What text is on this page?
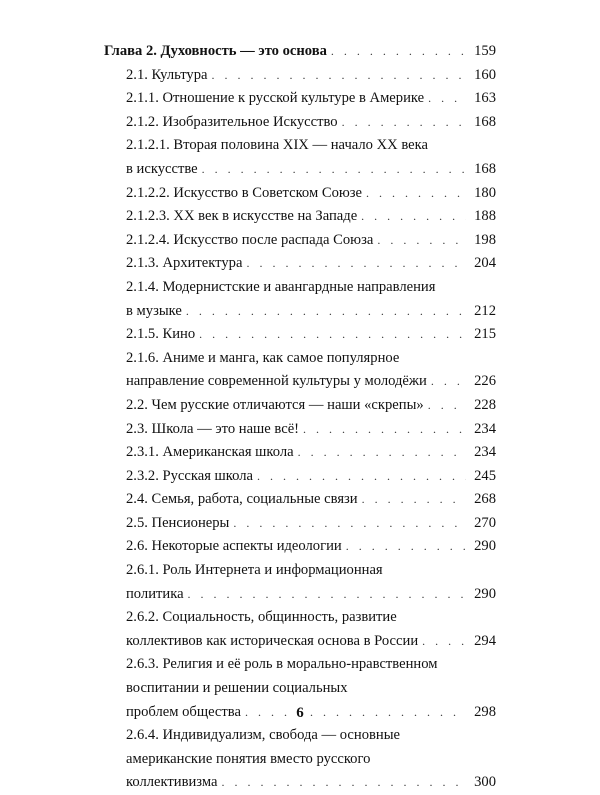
Глава 2. Духовность — это основа . . .	159
2.1. Культура . . .	160
2.1.1. Отношение к русской культуре в Америке . . .	163
2.1.2. Изобразительное Искусство . . .	168
2.1.2.1. Вторая половина XIX — начало XX века
в искусстве . . .	168
2.1.2.2. Искусство в Советском Союзе . . .	180
2.1.2.3. XX век в искусстве на Западе . . .	188
2.1.2.4. Искусство после распада Союза . . .	198
2.1.3. Архитектура . . .	204
2.1.4. Модернистские и авангардные направления
в музыке . . .	212
2.1.5. Кино . . .	215
2.1.6. Аниме и манга, как самое популярное
направление современной культуры у молодёжи . . .	226
2.2. Чем русские отличаются — наши «скрепы» . . .	228
2.3. Школа — это наше всё! . . .	234
2.3.1. Американская школа . . .	234
2.3.2. Русская школа . . .	245
2.4. Семья, работа, социальные связи . . .	268
2.5. Пенсионеры . . .	270
2.6. Некоторые аспекты идеологии . . .	290
2.6.1. Роль Интернета и информационная
политика . . .	290
2.6.2. Социальность, общинность, развитие
коллективов как историческая основа в России . . .	294
2.6.3. Религия и её роль в морально-нравственном
воспитании и решении социальных
проблем общества . . .	298
2.6.4. Индивидуализм, свобода — основные
американские понятия вместо русского
коллективизма . . .	300
6
